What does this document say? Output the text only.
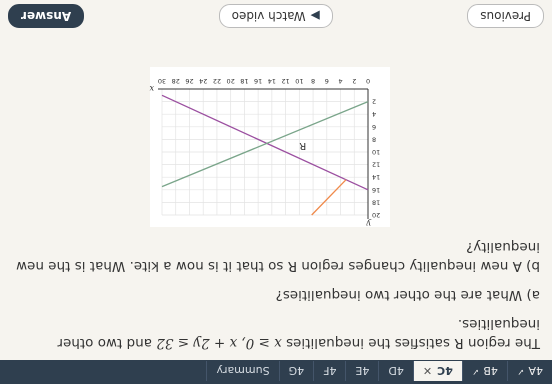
4A
✓
4B
✓
4C
✕
4D
4E
4F
4G
Summary

The region R satisfies the inequalities x ≥ 0, x + 2y ≤ 32 and two other inequalities.

a) What are the other two inequalities?

b) A new inequality changes region R so that it is now a kite. What is the new inequality?

0
2
4
6
8
10
12
14
16
18
20
22
24
26
28
30
2
4
6
8
10
12
14
16
18
20
x
y
R
Previous
▶
Watch video
Answer
